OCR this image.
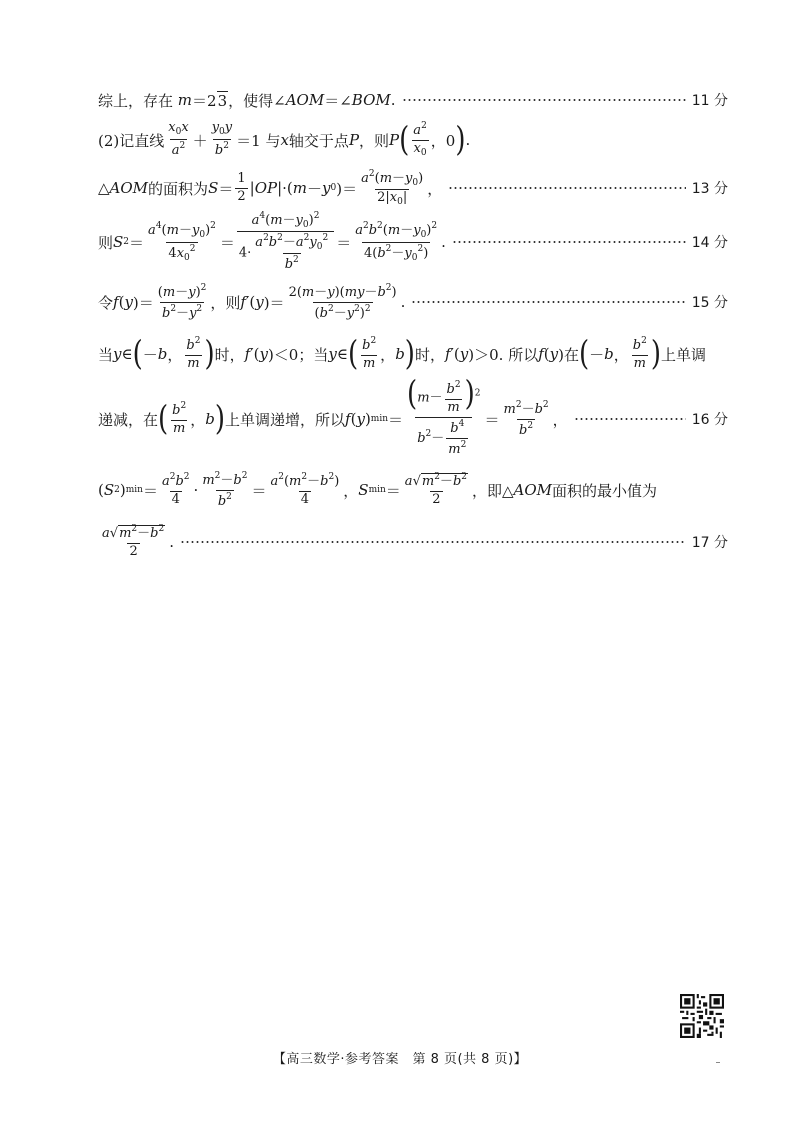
综上，存在 m ＝2 3 ，使得∠ AOM ＝∠ BOM .	11 分
(2)记直线 $\frac{x_0x}{a^2} + \frac{y_0y}{b^2} =1$ 与 x 轴交于点 P ，则 P ( $\frac{a^2}{x_0}$ ，0 ) .
△ AOM 的面积为 $S = \frac{1}{2}$ | OP |·( m － y 0 )＝ $\frac{a^2(m-y_0)}{2|x_0|}$ ，	13 分
则 S $2 = \frac{a^4(m-y_0)^2}{4x_0^2} = \frac{a^4(m-y_0)^2}{4\cdot \frac{a^2b^2-a^2y_0^2}{b^2}} = \frac{a^2b^2(m-y_0)^2}{4(b^2-y_0^2)}$ .	14 分
令 f ( y )＝ $\frac{(m-y)^2}{b^2-y^2}$ ，则 f ′( y )＝ $\frac{2(m-y)(my-b^2)}{(b^2-y^2)^2}$ .	15 分
当 y ∈ ( － b ， $\frac{b^2}{m}$ ) 时， f ′( y )＜0；当 y ∈ ( $\frac{b^2}{m}$ ， b ) 时， f ′( y )＞0. 所以 f ( y )在 ( － b ， $\frac{b^2}{m}$ ) 上单调
递减，在 ( $\frac{b^2}{m}$ ， b ) 上单调递增，所以 f ( y ) $\min = \frac{(m- \frac{b^2}{m} )^2}{b^2- \frac{b^4}{m^2}} = \frac{m^2-b^2}{b^2}$ ，	16 分
( S 2 ) $\min = \frac{a^2b^2}{4} \cdot \frac{m^2-b^2}{b^2} = \frac{a^2(m^2-b^2)}{4}$ ， S $\min = \frac{a√m^2-b^2}{2}$ ，即△ AOM 面积的最小值为
$\frac{a√m^2-b^2}{2}$ .	17 分
【高三数学·参考答案　第 8 页(共 8 页)】
